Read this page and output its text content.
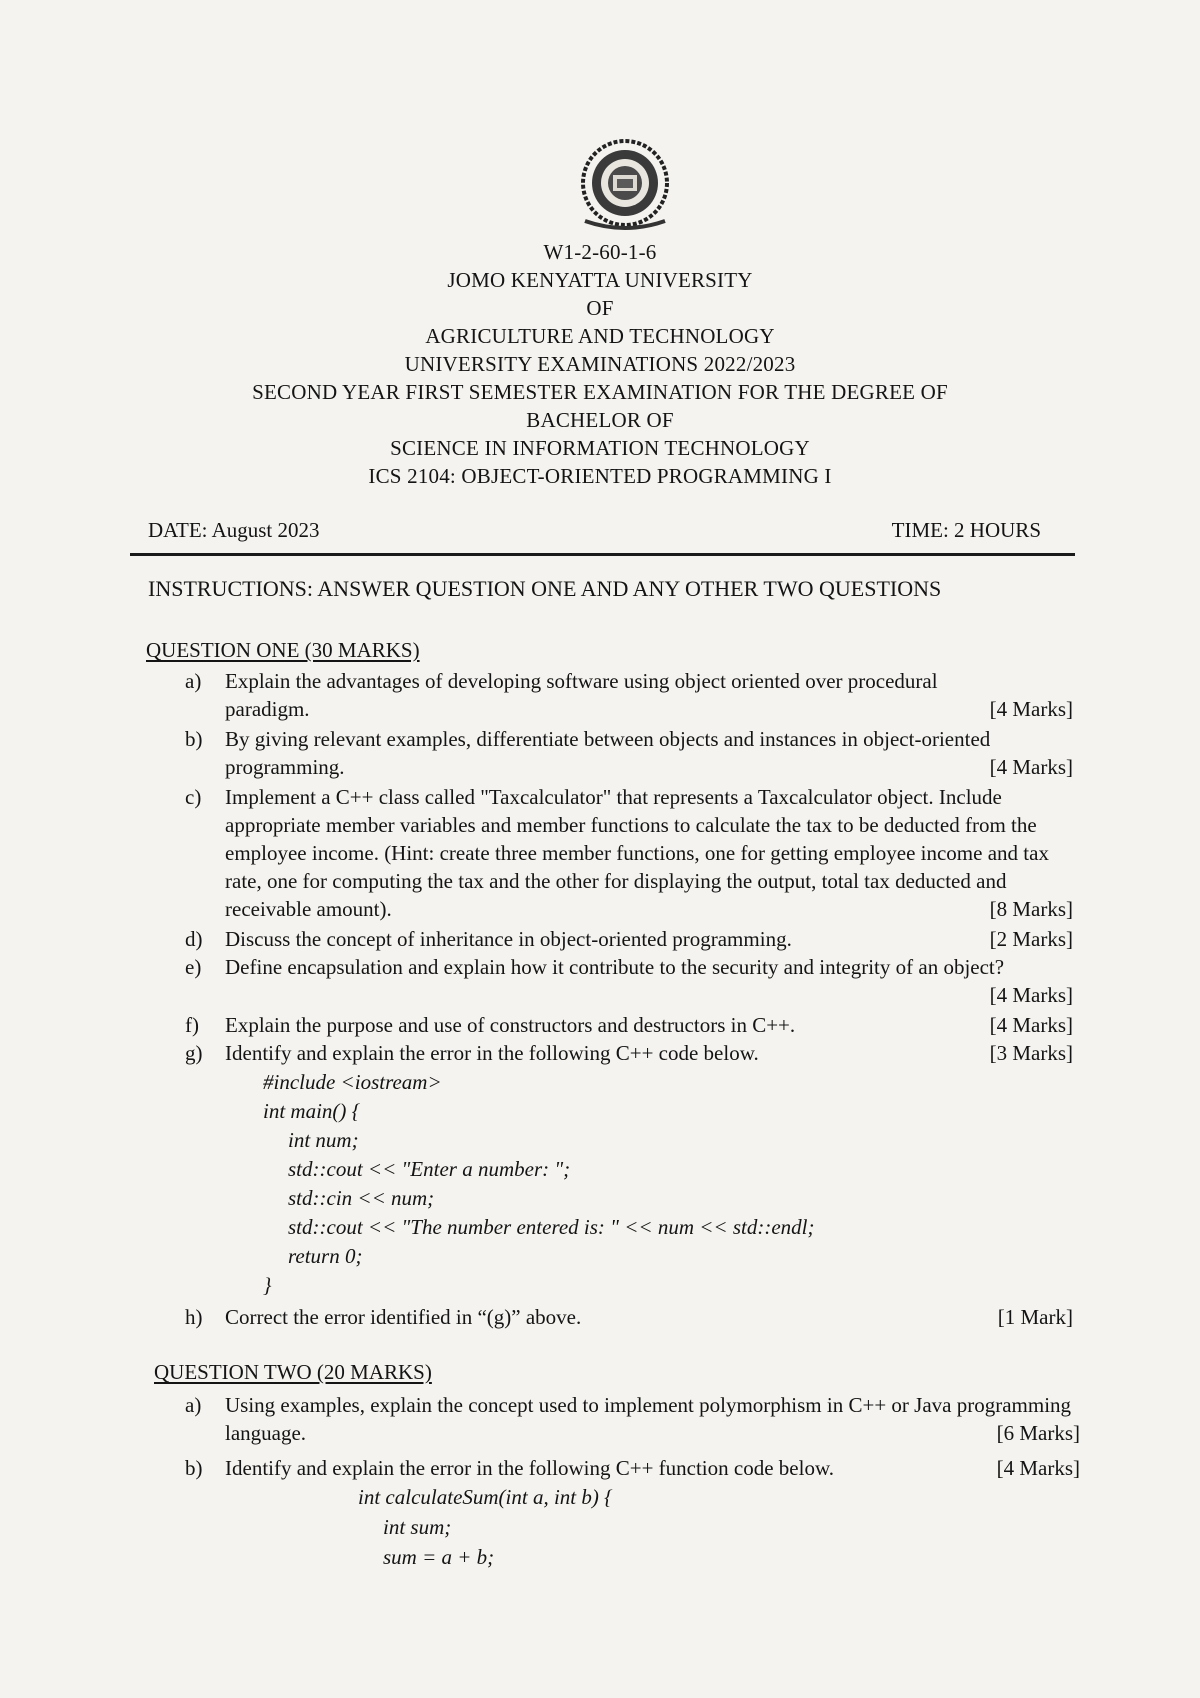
W1-2-60-1-6
JOMO KENYATTA UNIVERSITY
OF
AGRICULTURE AND TECHNOLOGY
UNIVERSITY EXAMINATIONS 2022/2023
SECOND YEAR FIRST SEMESTER EXAMINATION FOR THE DEGREE OF
BACHELOR OF
SCIENCE IN INFORMATION TECHNOLOGY
ICS 2104: OBJECT-ORIENTED PROGRAMMING I
DATE: August 2023	TIME: 2 HOURS
INSTRUCTIONS: ANSWER QUESTION ONE AND ANY OTHER TWO QUESTIONS
QUESTION ONE (30 MARKS)
a)	Explain the advantages of developing software using object oriented over procedural paradigm.	[4 Marks]
b)	By giving relevant examples, differentiate between objects and instances in object-oriented programming.	[4 Marks]
c)	Implement a C++ class called "Taxcalculator" that represents a Taxcalculator object. Include appropriate member variables and member functions to calculate the tax to be deducted from the employee income. (Hint: create three member functions, one for getting employee income and tax rate, one for computing the tax and the other for displaying the output, total tax deducted and receivable amount).	[8 Marks]
d)	Discuss the concept of inheritance in object-oriented programming.	[2 Marks]
e)	Define encapsulation and explain how it contribute to the security and integrity of an object?
[4 Marks]
f)	Explain the purpose and use of constructors and destructors in C++.	[4 Marks]
g)	Identify and explain the error in the following C++ code below.	[3 Marks]
#include <iostream>
int main() {
int num;
std::cout << "Enter a number: ";
std::cin << num;
std::cout << "The number entered is: " << num << std::endl;
return 0;
}
h)	Correct the error identified in “(g)” above.	[1 Mark]
QUESTION TWO (20 MARKS)
a)	Using examples, explain the concept used to implement polymorphism in C++ or Java programming language.	[6 Marks]
b)	Identify and explain the error in the following C++ function code below.	[4 Marks]
int calculateSum(int a, int b) {
int sum;
sum = a + b;
